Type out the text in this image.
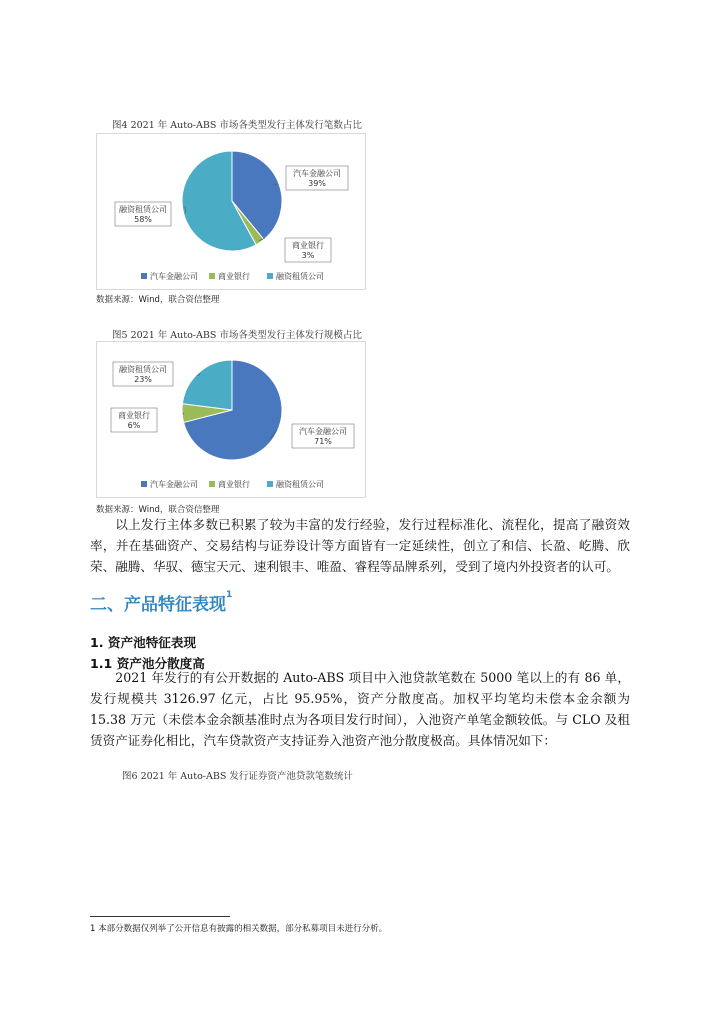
图4 2021 年 Auto-ABS 市场各类型发行主体发行笔数占比
汽车金融公司
39%
商业银行
3%
融资租赁公司
58%
汽车金融公司	商业银行	融资租赁公司
数据来源：Wind，联合资信整理
图5 2021 年 Auto-ABS 市场各类型发行主体发行规模占比
汽车金融公司
71%
商业银行
6%
融资租赁公司
23%
汽车金融公司	商业银行	融资租赁公司
数据来源：Wind，联合资信整理

以上发行主体多数已积累了较为丰富的发行经验，发行过程标准化、流程化，提高了融资效率，并在基础资产、交易结构与证券设计等方面皆有一定延续性，创立了和信、长盈、屹腾、欣荣、融腾、华驭、德宝天元、速利银丰、唯盈、睿程等品牌系列，受到了境内外投资者的认可。

二、产品特征表现$^1$
1. 资产池特征表现
1.1 资产池分散度高

2021 年发行的有公开数据的 Auto-ABS 项目中入池贷款笔数在 5000 笔以上的有 86 单，发行规模共 3126.97 亿元，占比 95.95%，资产分散度高。加权平均笔均未偿本金余额为 15.38 万元（未偿本金余额基准时点为各项目发行时间），入池资产单笔金额较低。与 CLO 及租赁资产证券化相比，汽车贷款资产支持证券入池资产池分散度极高。具体情况如下：

图6 2021 年 Auto-ABS 发行证券资产池贷款笔数统计
1 本部分数据仅列举了公开信息有披露的相关数据，部分私募项目未进行分析。
